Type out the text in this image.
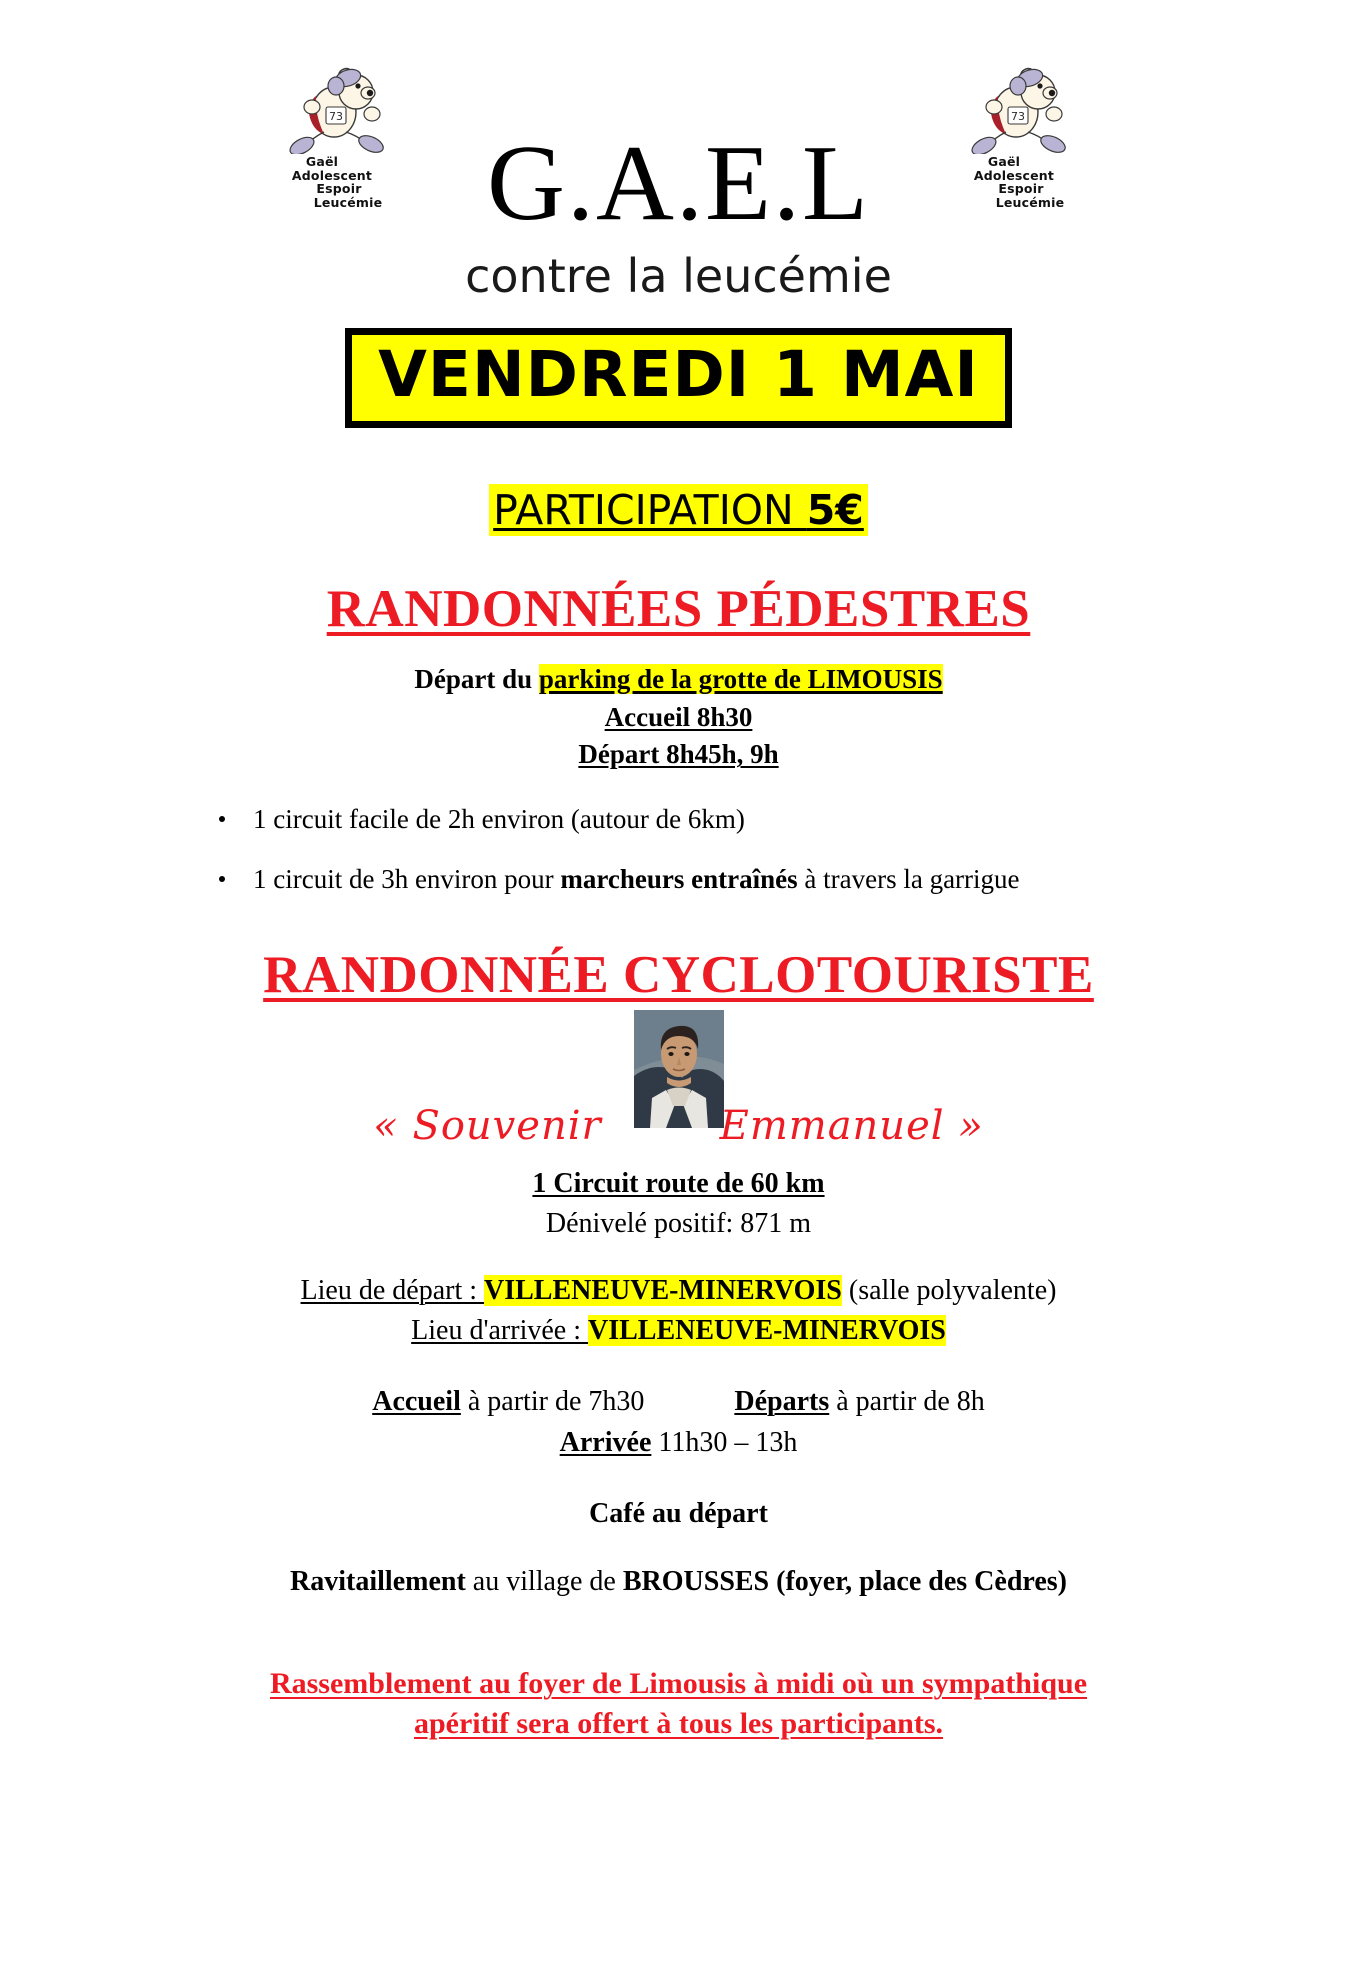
73
Gaël
Adolescent
Espoir
Leucémie
73
Gaël
Adolescent
Espoir
Leucémie
G.A.E.L
contre la leucémie
VENDREDI 1 MAI
PARTICIPATION 5€
RANDONNÉES PÉDESTRES
Départ du parking de la grotte de LIMOUSIS
Accueil 8h30
Départ 8h45h, 9h
1 circuit facile de 2h environ (autour de 6km)
1 circuit de 3h environ pour marcheurs entraînés à travers la garrigue
RANDONNÉE CYCLOTOURISTE
« Souvenir	Emmanuel »
1 Circuit route de 60 km
Dénivelé positif: 871 m
Lieu de départ : VILLENEUVE-MINERVOIS (salle polyvalente)
Lieu d'arrivée : VILLENEUVE-MINERVOIS
Accueil à partir de 7h30	Départs à partir de 8h
Arrivée 11h30 – 13h
Café au départ
Ravitaillement au village de BROUSSES (foyer, place des Cèdres)
Rassemblement au foyer de Limousis à midi où un sympathique
apéritif sera offert à tous les participants.
